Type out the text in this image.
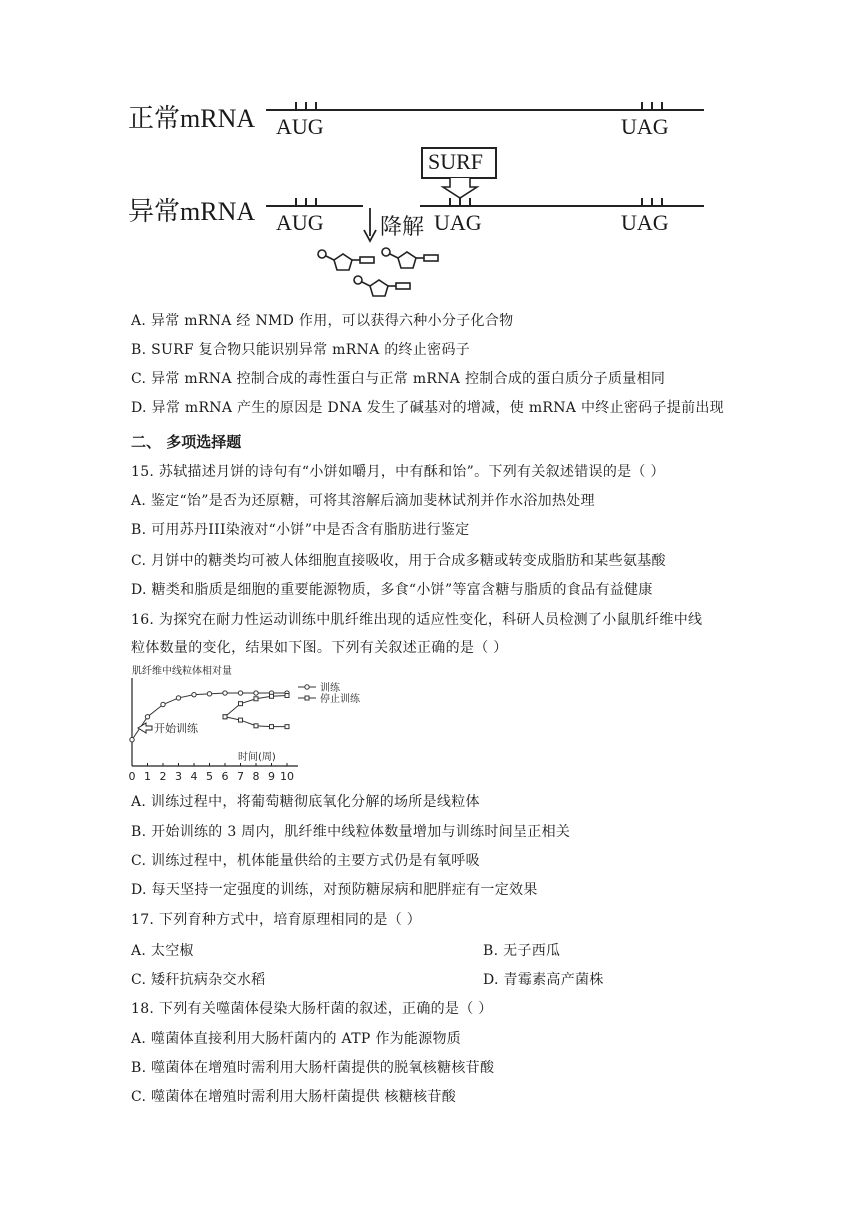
正常mRNA
异常mRNA
AUG	UAG
SURF
AUG	降解 UAG	UAG
A. 异常 mRNA 经 NMD 作用，可以获得六种小分子化合物
B. SURF 复合物只能识别异常 mRNA 的终止密码子
C. 异常 mRNA 控制合成的毒性蛋白与正常 mRNA 控制合成的蛋白质分子质量相同
D. 异常 mRNA 产生的原因是 DNA 发生了碱基对的增减，使 mRNA 中终止密码子提前出现
二、 多项选择题
15. 苏轼描述月饼的诗句有“小饼如嚼月，中有酥和饴”。下列有关叙述错误的是（ ）
A. 鉴定“饴”是否为还原糖，可将其溶解后滴加斐林试剂并作水浴加热处理
B. 可用苏丹III染液对“小饼”中是否含有脂肪进行鉴定
C. 月饼中的糖类均可被人体细胞直接吸收，用于合成多糖或转变成脂肪和某些氨基酸
D. 糖类和脂质是细胞的重要能源物质，多食“小饼”等富含糖与脂质的食品有益健康
16. 为探究在耐力性运动训练中肌纤维出现的适应性变化，科研人员检测了小鼠肌纤维中线
粒体数量的变化，结果如下图。下列有关叙述正确的是（ ）
肌纤维中线粒体相对量
0 1 2 3 4 5 6 7 8 9 10
训练
停止训练
时间(周)
开始训练
A. 训练过程中，将葡萄糖彻底氧化分解的场所是线粒体
B. 开始训练的 3 周内，肌纤维中线粒体数量增加与训练时间呈正相关
C. 训练过程中，机体能量供给的主要方式仍是有氧呼吸
D. 每天坚持一定强度的训练，对预防糖尿病和肥胖症有一定效果
17. 下列育种方式中，培育原理相同的是（ ）
A. 太空椒	B. 无子西瓜
C. 矮秆抗病杂交水稻	D. 青霉素高产菌株
18. 下列有关噬菌体侵染大肠杆菌的叙述，正确的是（ ）
A. 噬菌体直接利用大肠杆菌内的 ATP 作为能源物质
B. 噬菌体在增殖时需利用大肠杆菌提供的脱氧核糖核苷酸
C. 噬菌体在增殖时需利用大肠杆菌提供 核糖核苷酸
